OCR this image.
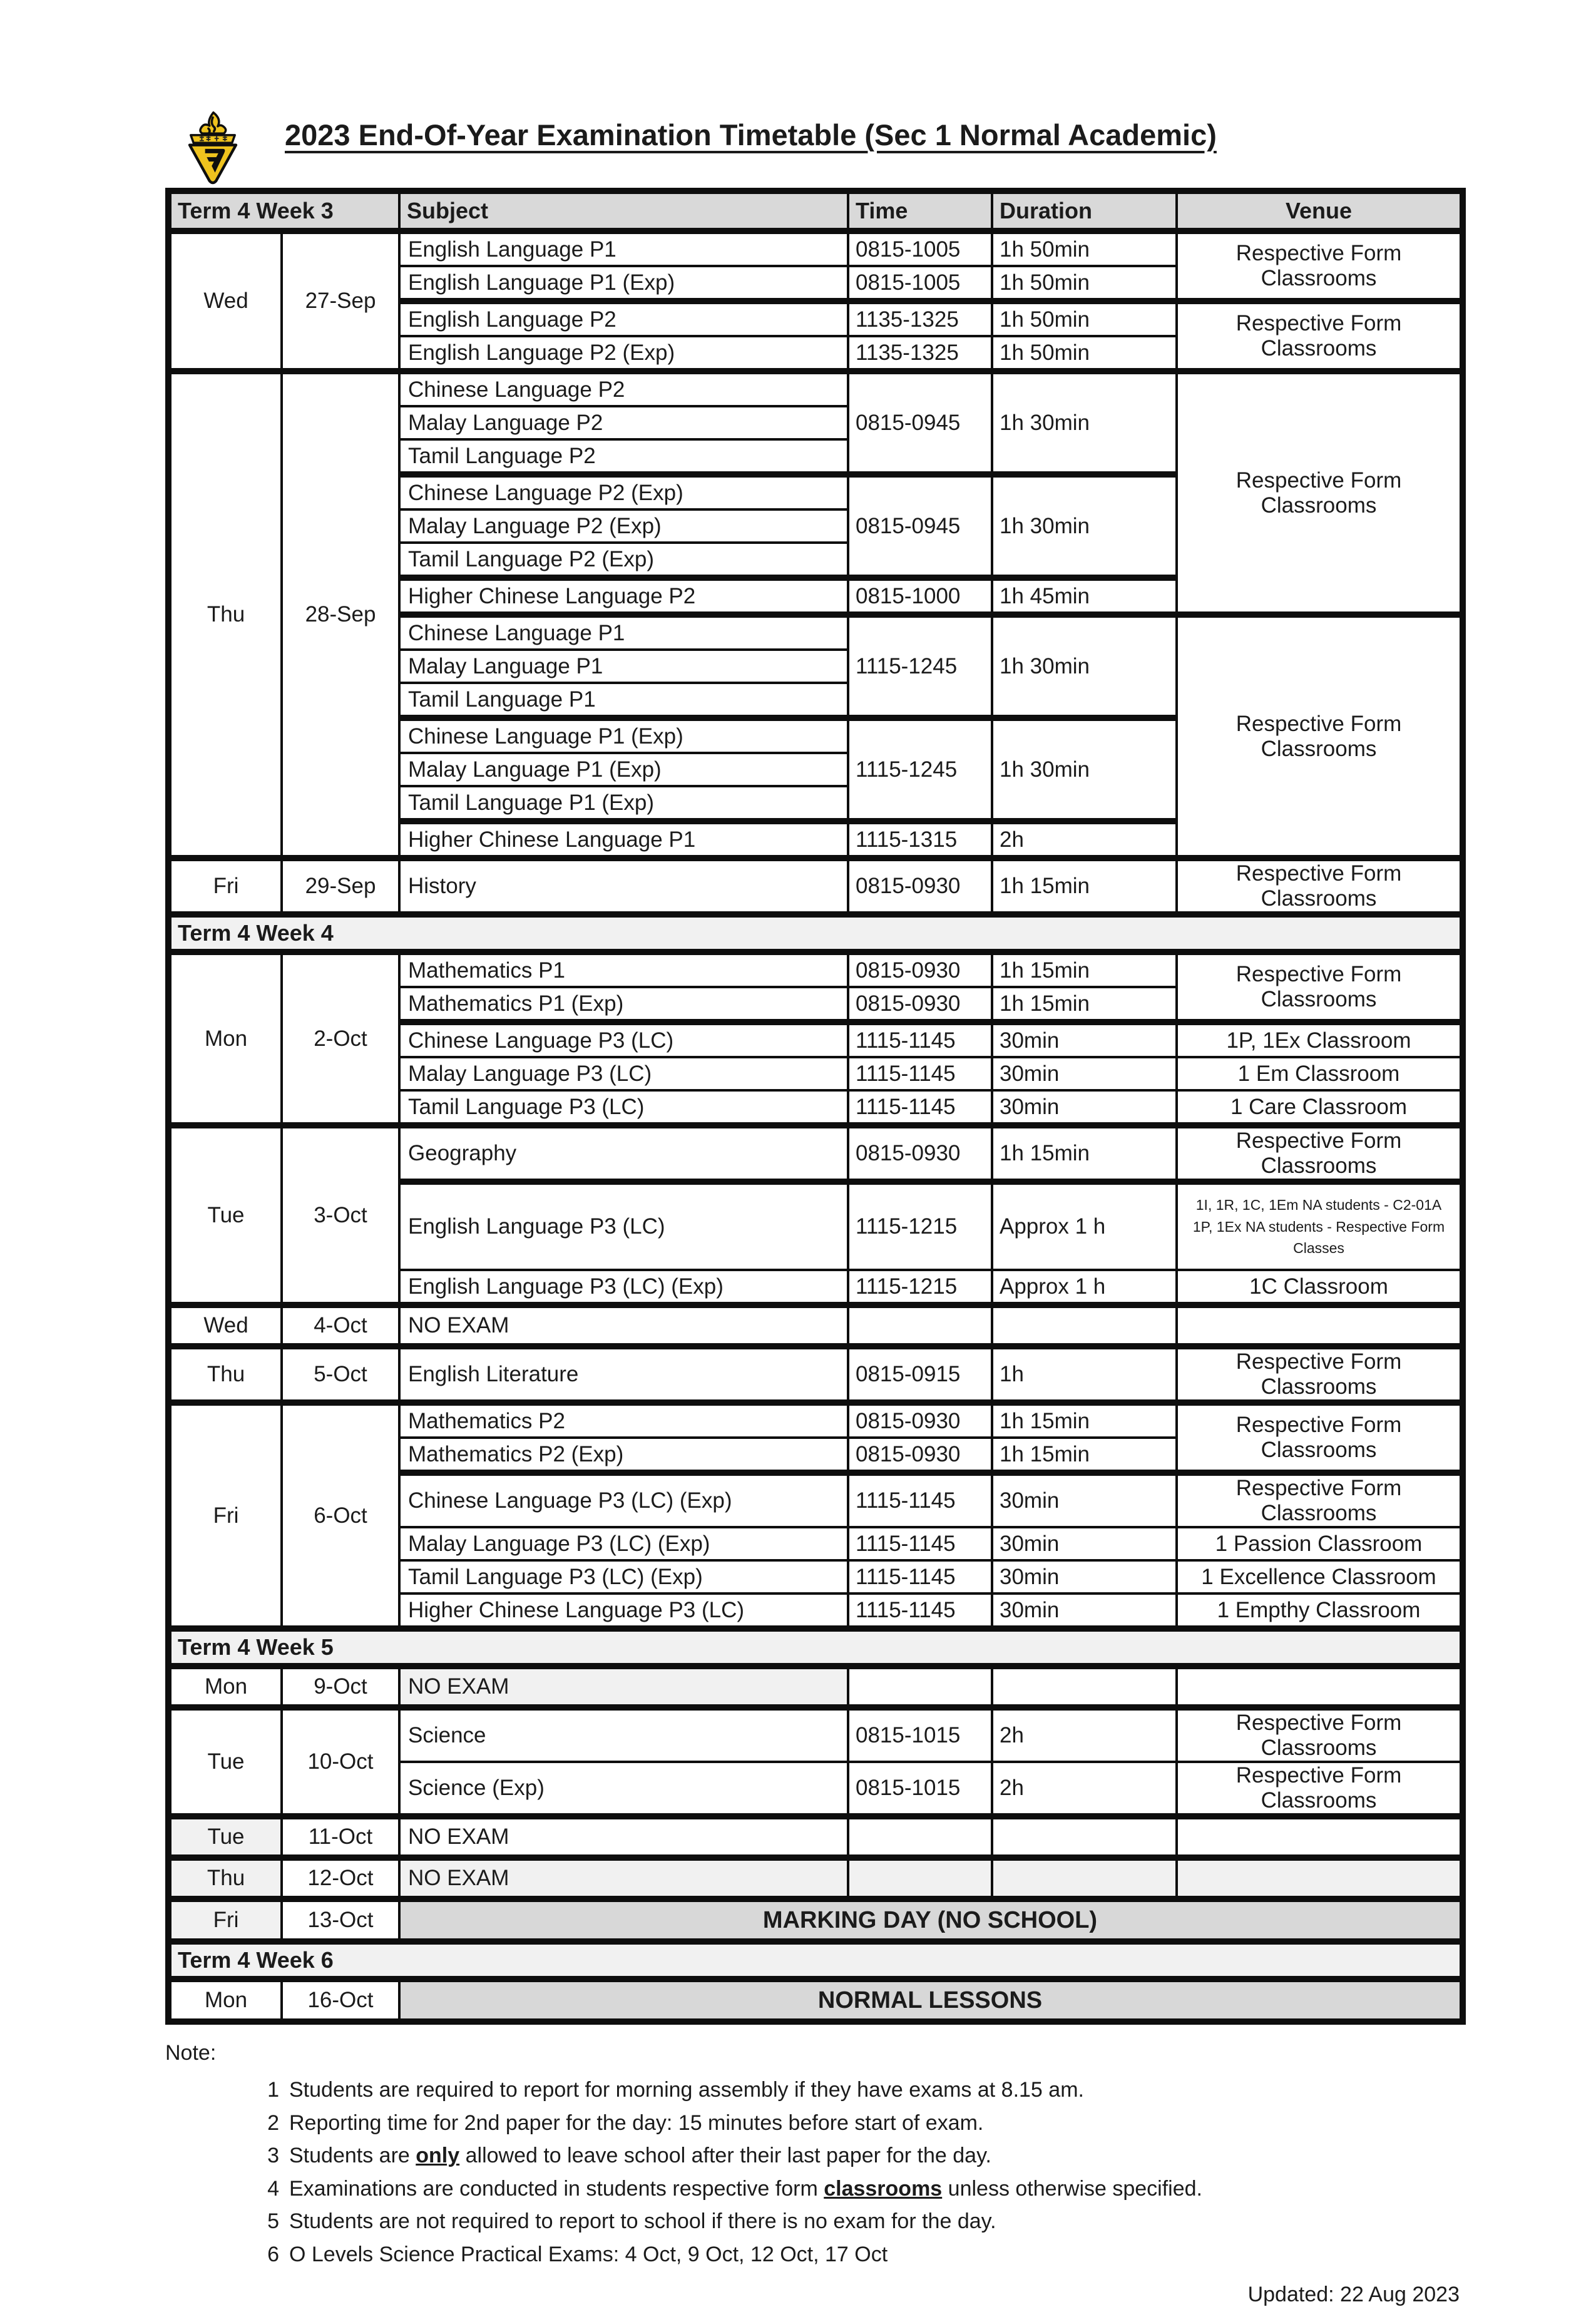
2023 End-Of-Year Examination Timetable (Sec 1 Normal Academic)
Term 4 Week 3		Subject	Time	Duration	Venue
Wed	27-Sep	English Language P1	0815-1005	1h 50min	Respective Form Classrooms
		English Language P1 (Exp)	0815-1005	1h 50min	
		English Language P2	1135-1325	1h 50min	Respective Form Classrooms
		English Language P2 (Exp)	1135-1325	1h 50min	
Thu	28-Sep	Chinese Language P2	0815-0945	1h 30min	Respective Form Classrooms
		Malay Language P2			
		Tamil Language P2			
		Chinese Language P2 (Exp)	0815-0945	1h 30min	
		Malay Language P2 (Exp)			
		Tamil Language P2 (Exp)			
		Higher Chinese Language P2	0815-1000	1h 45min	
		Chinese Language P1	1115-1245	1h 30min	Respective Form Classrooms
		Malay Language P1			
		Tamil Language P1			
		Chinese Language P1 (Exp)	1115-1245	1h 30min	
		Malay Language P1 (Exp)			
		Tamil Language P1 (Exp)			
		Higher Chinese Language P1	1115-1315	2h	
Fri	29-Sep	History	0815-0930	1h 15min	Respective Form Classrooms
Term 4 Week 4					
Mon	2-Oct	Mathematics P1	0815-0930	1h 15min	Respective Form Classrooms
		Mathematics P1 (Exp)	0815-0930	1h 15min	
		Chinese Language P3 (LC)	1115-1145	30min	1P, 1Ex Classroom
		Malay Language P3 (LC)	1115-1145	30min	1 Em Classroom
		Tamil Language P3 (LC)	1115-1145	30min	1 Care Classroom
Tue	3-Oct	Geography	0815-0930	1h 15min	Respective Form Classrooms
		English Language P3 (LC)	1115-1215	Approx 1 h	1I, 1R, 1C, 1Em NA students - C2-01A
1P, 1Ex NA students - Respective Form Classes

		English Language P3 (LC) (Exp)	1115-1215	Approx 1 h	1C Classroom
Wed	4-Oct	NO EXAM			
Thu	5-Oct	English Literature	0815-0915	1h	Respective Form Classrooms
Fri	6-Oct	Mathematics P2	0815-0930	1h 15min	Respective Form Classrooms
		Mathematics P2 (Exp)	0815-0930	1h 15min	
		Chinese Language P3 (LC) (Exp)	1115-1145	30min	Respective Form Classrooms
		Malay Language P3 (LC) (Exp)	1115-1145	30min	1 Passion Classroom
		Tamil Language P3 (LC) (Exp)	1115-1145	30min	1 Excellence Classroom
		Higher Chinese Language P3 (LC)	1115-1145	30min	1 Empthy Classroom
Term 4 Week 5					
Mon	9-Oct	NO EXAM			
Tue	10-Oct	Science	0815-1015	2h	Respective Form Classrooms
		Science (Exp)	0815-1015	2h	Respective Form Classrooms
Tue	11-Oct	NO EXAM			
Thu	12-Oct	NO EXAM			
Fri	13-Oct	MARKING DAY (NO SCHOOL)			
Term 4 Week 6					
Mon	16-Oct	NORMAL LESSONS			
Note:
1 Students are required to report for morning assembly if they have exams at 8.15 am.
2 Reporting time for 2nd paper for the day: 15 minutes before start of exam.
3 Students are only allowed to leave school after their last paper for the day.
4 Examinations are conducted in students respective form classrooms unless otherwise specified.
5 Students are not required to report to school if there is no exam for the day.
6 O Levels Science Practical Exams: 4 Oct, 9 Oct, 12 Oct, 17 Oct
Updated: 22 Aug 2023
